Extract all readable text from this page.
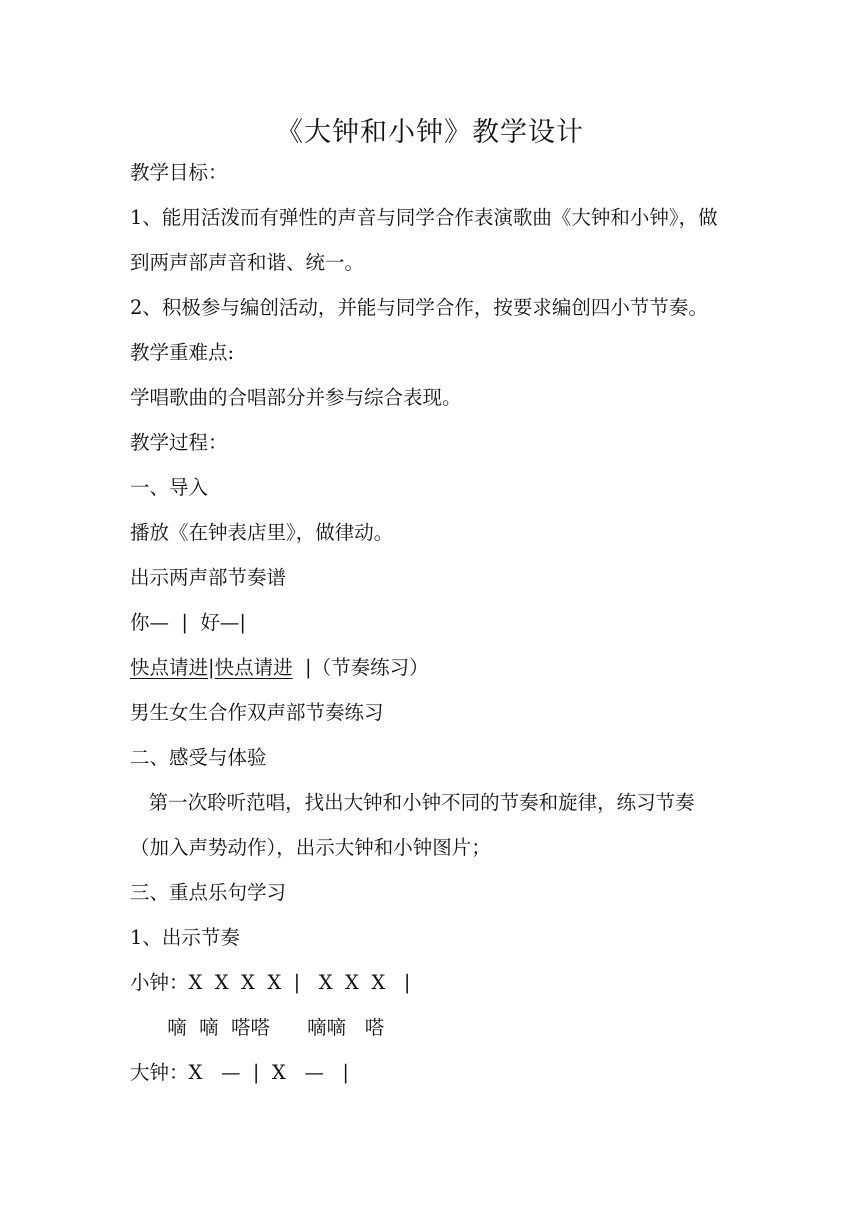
《大钟和小钟》教学设计
教学目标：
1、能用活泼而有弹性的声音与同学合作表演歌曲《大钟和小钟》，做
到两声部声音和谐、统一。
2、积极参与编创活动，并能与同学合作，按要求编创四小节节奏。
教学重难点:
学唱歌曲的合唱部分并参与综合表现。
教学过程：
一、导入
播放《在钟表店里》，做律动。
出示两声部节奏谱
你—  |  好—|
快点请进|快点请进  |（节奏练习）
男生女生合作双声部节奏练习
二、感受与体验
第一次聆听范唱，找出大钟和小钟不同的节奏和旋律，练习节奏
（加入声势动作），出示大钟和小钟图片；
三、重点乐句学习
1、出示节奏
小钟：X  X  X  X  |   X  X  X   |
嘀  嘀  嗒嗒      嘀嘀   嗒
大钟：X   —  |  X   —   |
